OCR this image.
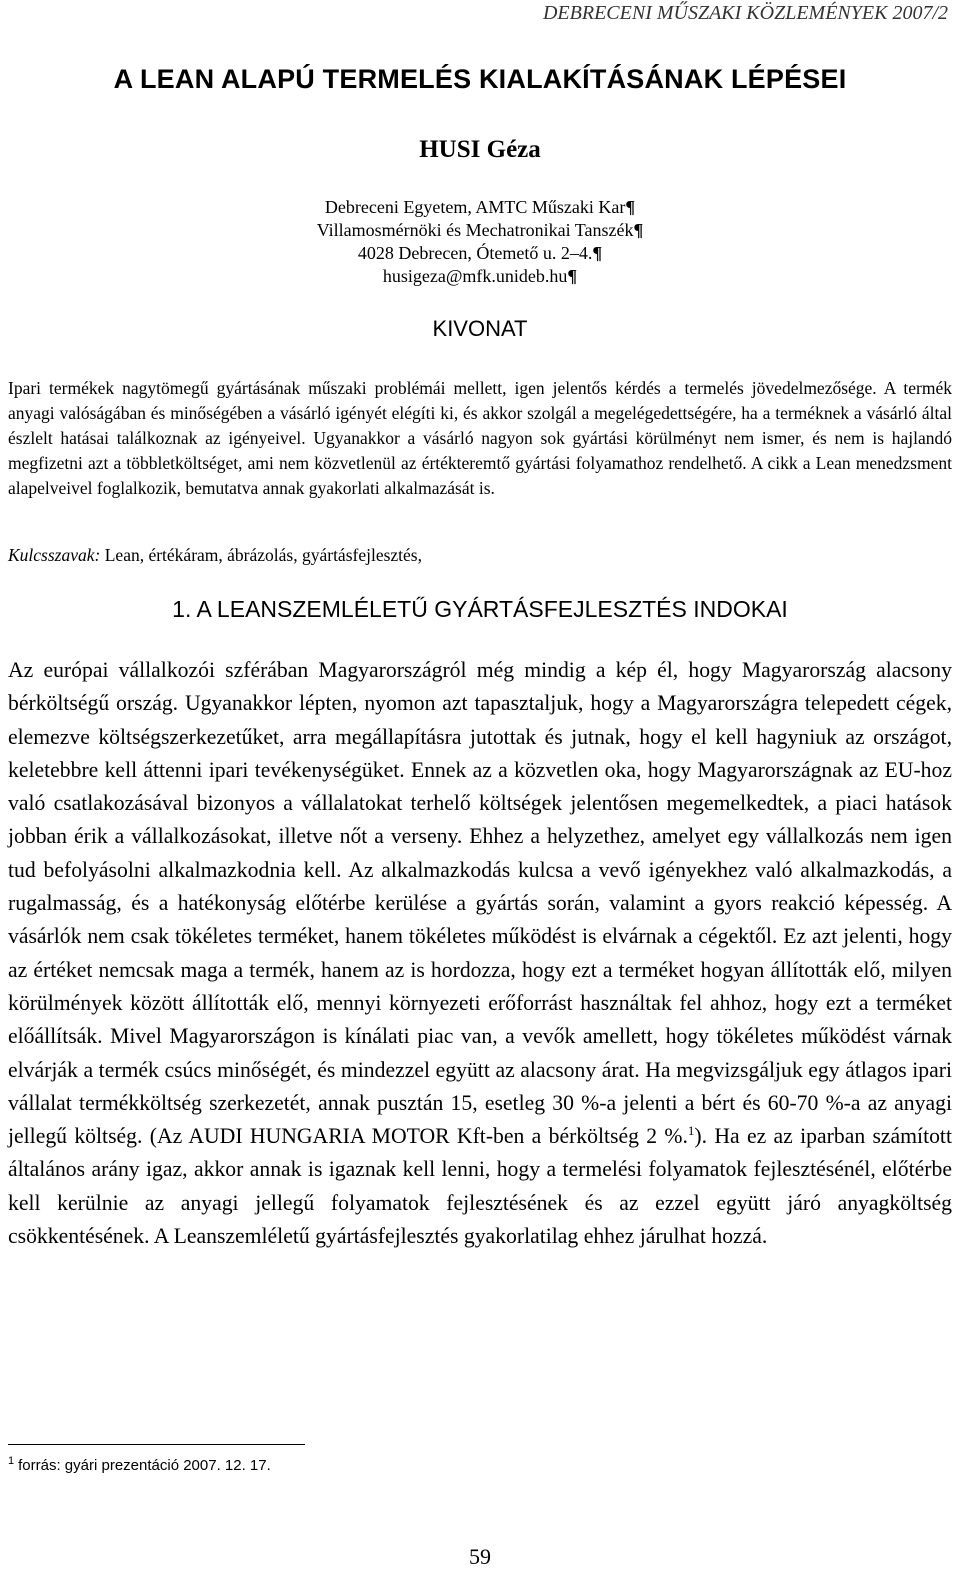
DEBRECENI MŰSZAKI KÖZLEMÉNYEK 2007/2
A LEAN ALAPÚ TERMELÉS KIALAKÍTÁSÁNAK LÉPÉSEI
HUSI Géza
Debreceni Egyetem, AMTC Műszaki Kar¶
Villamosmérnöki és Mechatronikai Tanszék¶
4028 Debrecen, Ótemető u. 2–4.¶
husigeza@mfk.unideb.hu¶
KIVONAT

Ipari termékek nagytömegű gyártásának műszaki problémái mellett, igen jelentős kérdés a termelés jövedelmezősége. A termék anyagi valóságában és minőségében a vásárló igényét elégíti ki, és akkor szolgál a megelégedettségére, ha a terméknek a vásárló által észlelt hatásai találkoznak az igényeivel. Ugyanakkor a vásárló nagyon sok gyártási körülményt nem ismer, és nem is hajlandó megfizetni azt a többletköltséget, ami nem közvetlenül az értékteremtő gyártási folyamathoz rendelhető. A cikk a Lean menedzsment alapelveivel foglalkozik, bemutatva annak gyakorlati alkalmazását is.

Kulcsszavak: Lean, értékáram, ábrázolás, gyártásfejlesztés,
1. A LEANSZEMLÉLETŰ GYÁRTÁSFEJLESZTÉS INDOKAI

Az európai vállalkozói szférában Magyarországról még mindig a kép él, hogy Magyarország alacsony bérköltségű ország. Ugyanakkor lépten, nyomon azt tapasztaljuk, hogy a Magyarországra telepedett cégek, elemezve költségszerkezetűket, arra megállapításra jutottak és jutnak, hogy el kell hagyniuk az országot, keletebbre kell áttenni ipari tevékenységüket. Ennek az a közvetlen oka, hogy Magyarországnak az EU-hoz való csatlakozásával bizonyos a vállalatokat terhelő költségek jelentősen megemelkedtek, a piaci hatások jobban érik a vállalkozásokat, illetve nőt a verseny. Ehhez a helyzethez, amelyet egy vállalkozás nem igen tud befolyásolni alkalmazkodnia kell. Az alkalmazkodás kulcsa a vevő igényekhez való alkalmazkodás, a rugalmasság, és a hatékonyság előtérbe kerülése a gyártás során, valamint a gyors reakció képesség. A vásárlók nem csak tökéletes terméket, hanem tökéletes működést is elvárnak a cégektől. Ez azt jelenti, hogy az értéket nemcsak maga a termék, hanem az is hordozza, hogy ezt a terméket hogyan állították elő, milyen körülmények között állították elő, mennyi környezeti erőforrást használtak fel ahhoz, hogy ezt a terméket előállítsák. Mivel Magyarországon is kínálati piac van, a vevők amellett, hogy tökéletes működést várnak elvárják a termék csúcs minőségét, és mindezzel együtt az alacsony árat. Ha megvizsgáljuk egy átlagos ipari vállalat termékköltség szerkezetét, annak pusztán 15, esetleg 30 %-a jelenti a bért és 60-70 %-a az anyagi jellegű költség. (Az AUDI HUNGARIA MOTOR Kft-ben a bérköltség 2 %.$^1$). Ha ez az iparban számított általános arány igaz, akkor annak is igaznak kell lenni, hogy a termelési folyamatok fejlesztésénél, előtérbe kell kerülnie az anyagi jellegű folyamatok fejlesztésének és az ezzel együtt járó anyagköltség csökkentésének. A Leanszemléletű gyártásfejlesztés gyakorlatilag ehhez járulhat hozzá.

$^1$ forrás: gyári prezentáció 2007. 12. 17.
59
